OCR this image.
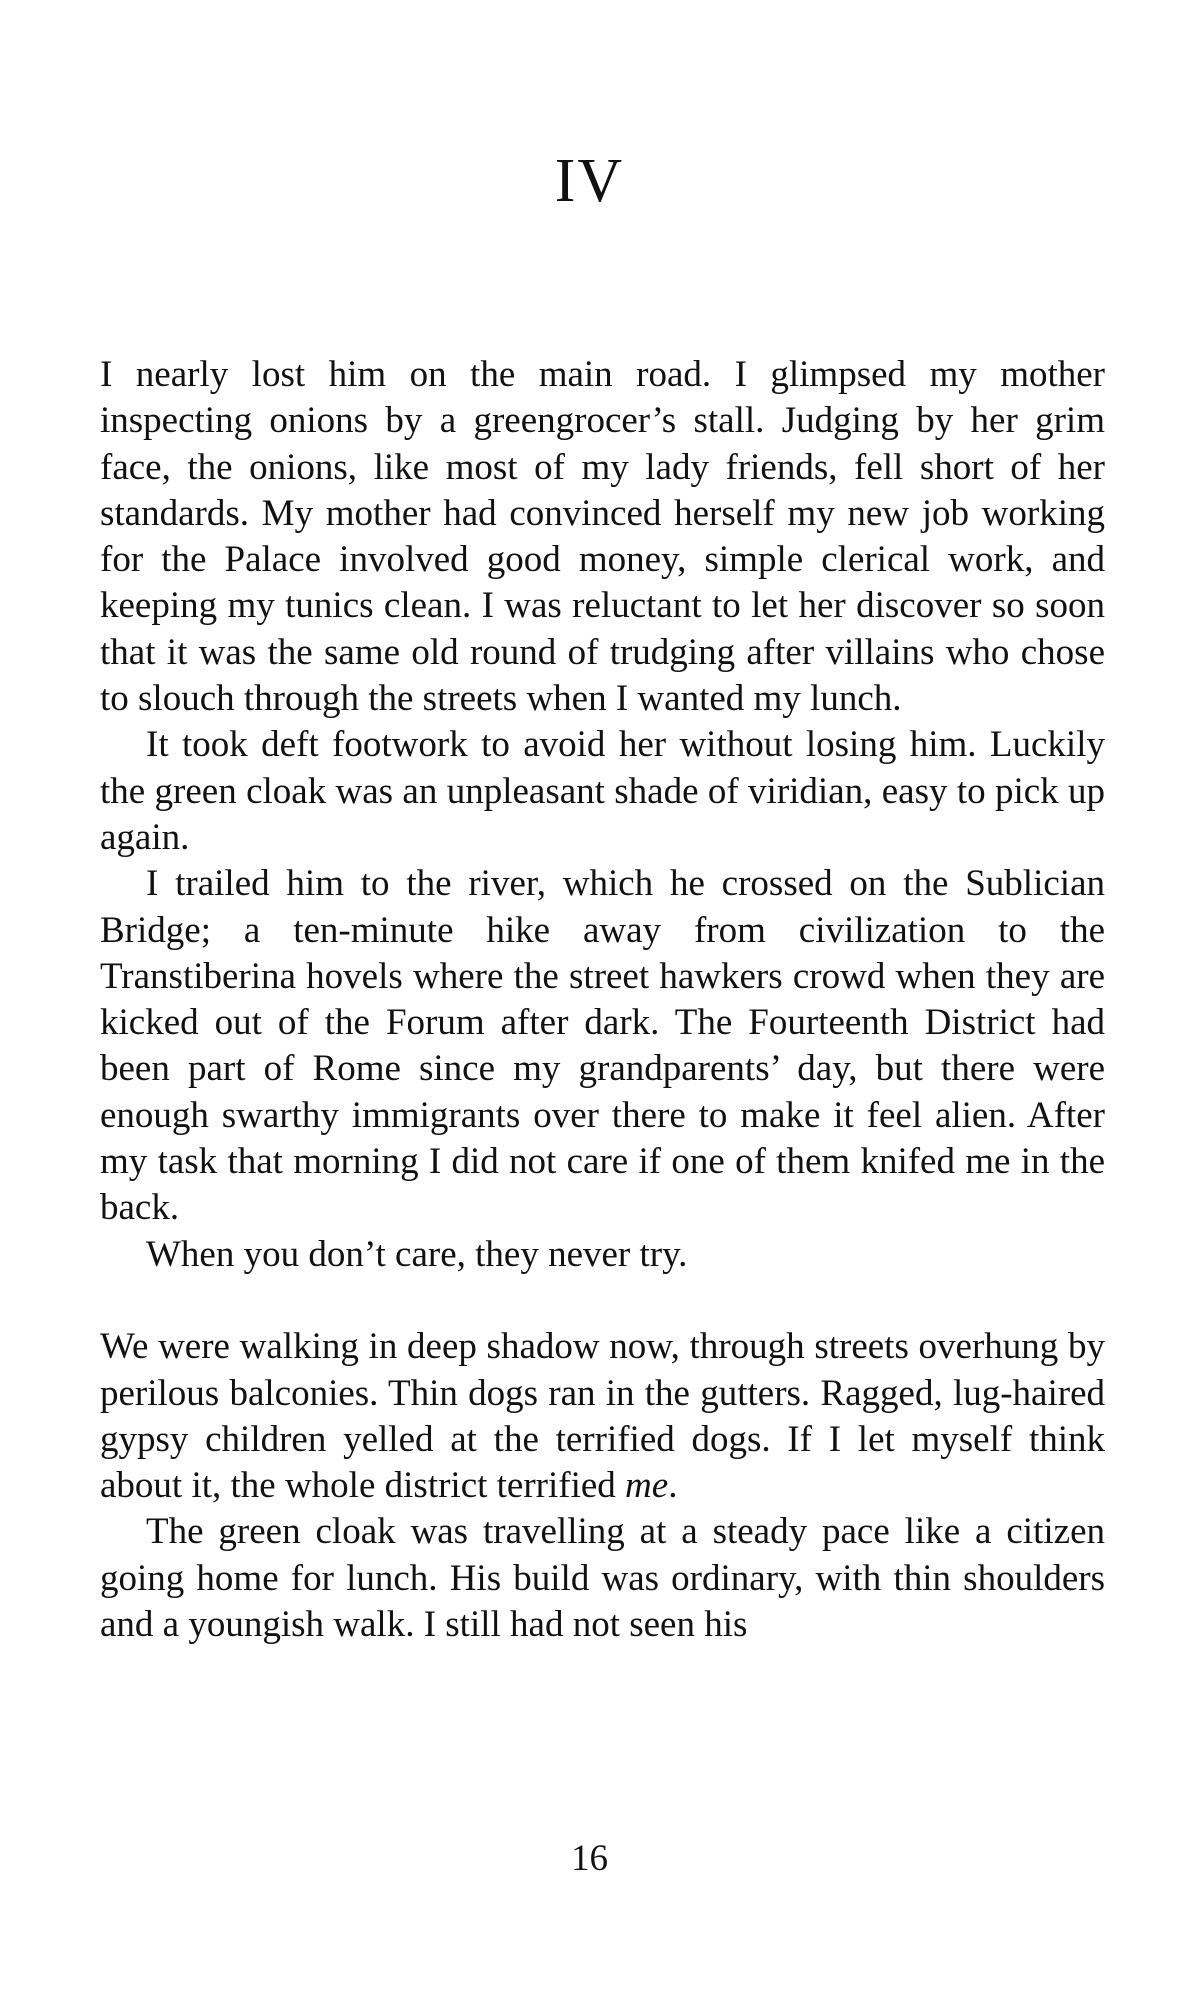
IV

I nearly lost him on the main road. I glimpsed my mother inspecting onions by a greengrocer’s stall. Judging by her grim face, the onions, like most of my lady friends, fell short of her standards. My mother had convinced herself my new job working for the Palace involved good money, simple clerical work, and keeping my tunics clean. I was reluctant to let her discover so soon that it was the same old round of trudging after villains who chose to slouch through the streets when I wanted my lunch.

It took deft footwork to avoid her without losing him. Luckily the green cloak was an unpleasant shade of viridian, easy to pick up again.

I trailed him to the river, which he crossed on the Sublician Bridge; a ten-minute hike away from civilization to the Transtiberina hovels where the street hawkers crowd when they are kicked out of the Forum after dark. The Fourteenth District had been part of Rome since my grandparents’ day, but there were enough swarthy immigrants over there to make it feel alien. After my task that morning I did not care if one of them knifed me in the back.

When you don’t care, they never try.

We were walking in deep shadow now, through streets overhung by perilous balconies. Thin dogs ran in the gutters. Ragged, lug-haired gypsy children yelled at the terrified dogs. If I let myself think about it, the whole district terrified me.

The green cloak was travelling at a steady pace like a citizen going home for lunch. His build was ordinary, with thin shoulders and a youngish walk. I still had not seen his

16
